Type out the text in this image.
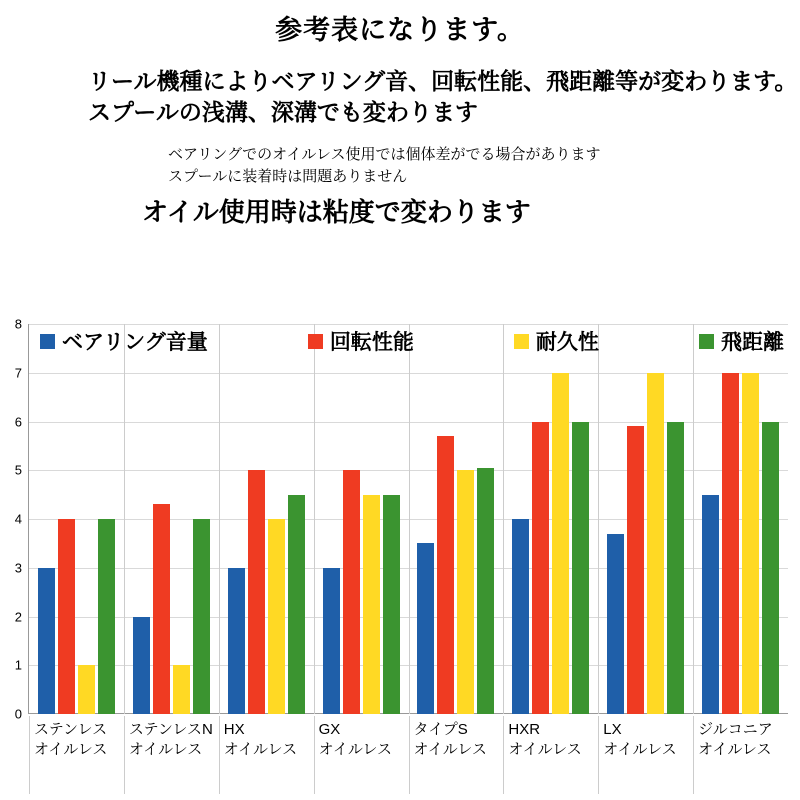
参考表になります。
リール機種によりベアリング音、回転性能、飛距離等が変わります。
スプールの浅溝、深溝でも変わります
ベアリングでのオイルレス使用では個体差がでる場合があります
スプールに装着時は問題ありません
オイル使用時は粘度で変わります
0
1
2
3
4
5
6
7
8
ステンレス
オイルレス
ステンレスN
オイルレス
HX
オイルレス
GX
オイルレス
タイプS
オイルレス
HXR
オイルレス
LX
オイルレス
ジルコニア
オイルレス
ベアリング音量	回転性能	耐久性	飛距離
